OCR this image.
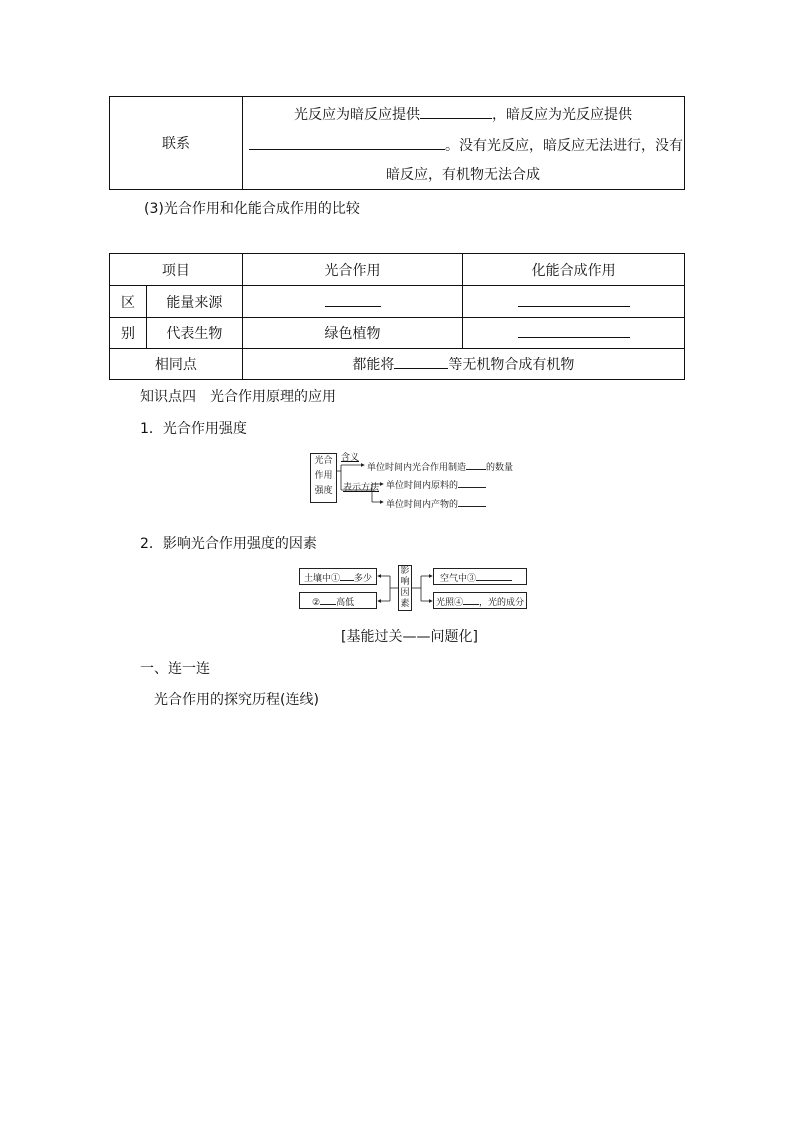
联系
光反应为暗反应提供	，暗反应为光反应提供
。没有光反应，暗反应无法进行，没有
暗反应，有机物无法合成
(3)光合作用和化能合成作用的比较
项目		光合作用	化能合成作用
区	能量来源		
别	代表生物	绿色植物	
相同点		都能将 等无机物合成有机物	
知识点四　光合作用原理的应用
1．光合作用强度
光合
作用
强度
含义
单位时间内光合作用制造 的数量
表示方法 单位时间内原料的
单位时间内产物的
2．影响光合作用强度的因素
土壤中① 多少
② 高低
影
响
因
素
空气中③
光照④ ，光的成分
[基能过关——问题化]
一、连一连
光合作用的探究历程(连线)
